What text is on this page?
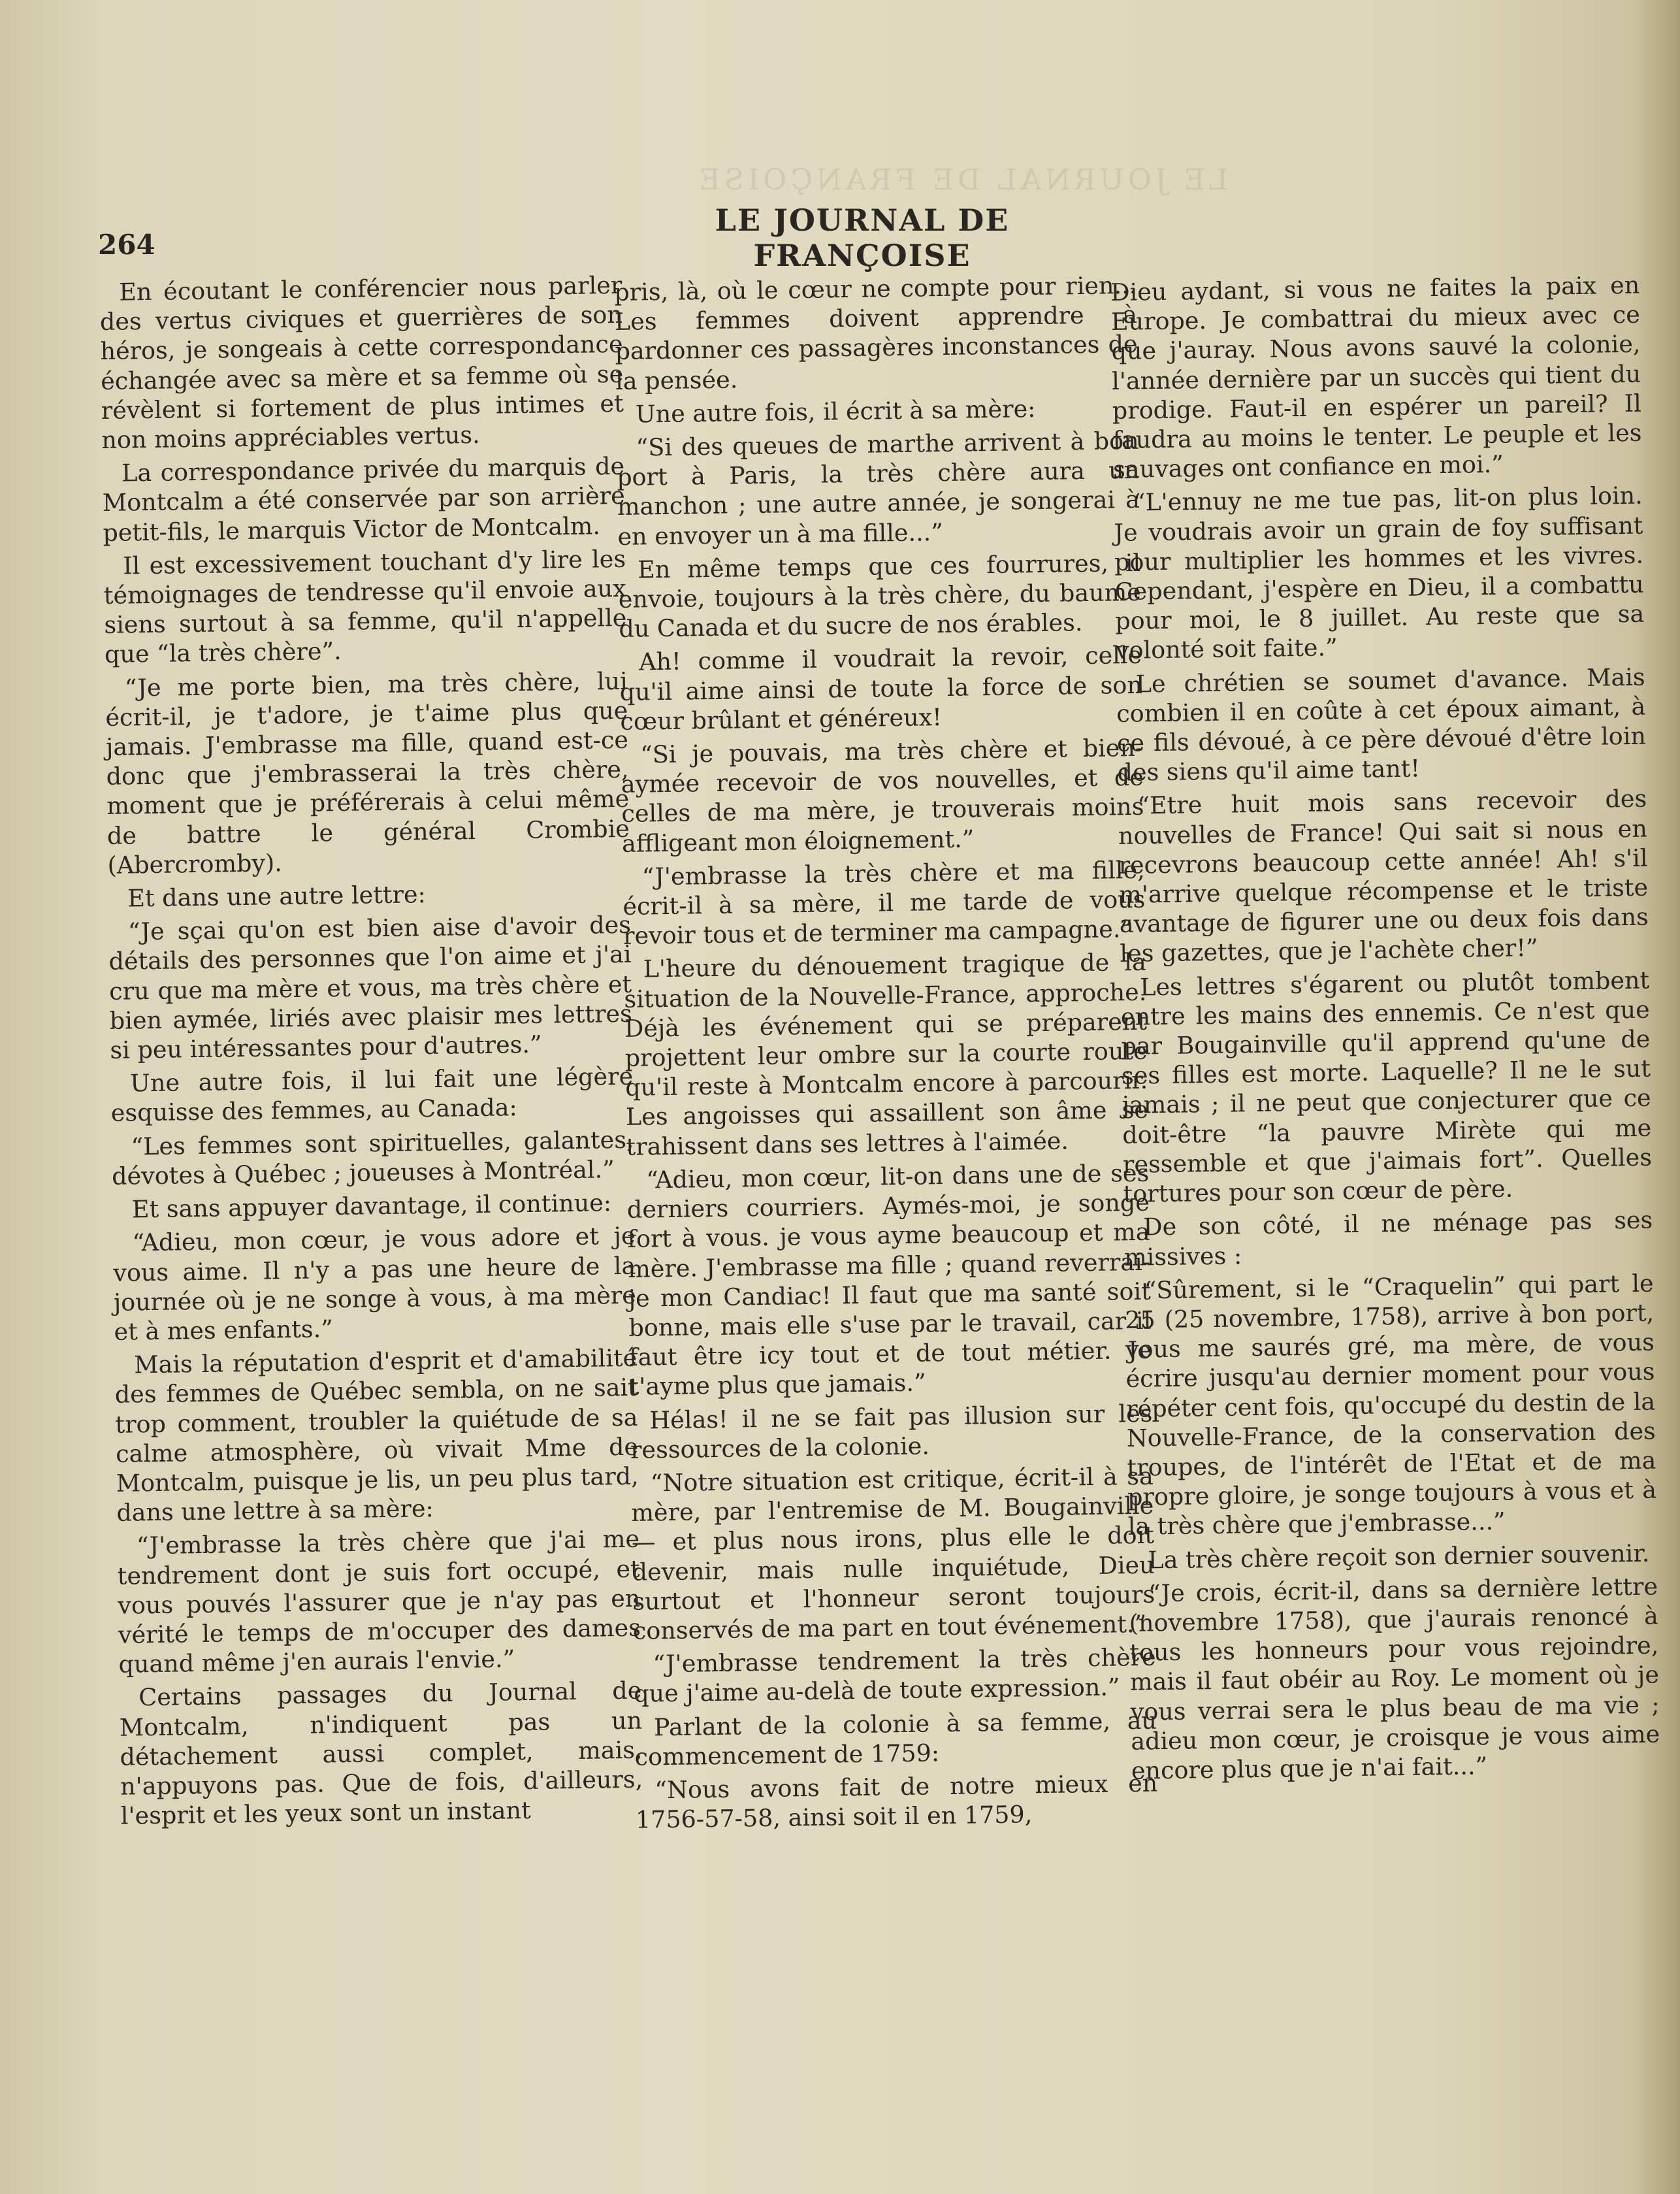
LE JOURNAL DE FRANÇOISE
264
LE JOURNAL DE FRANÇOISE

En écoutant le conférencier nous parler des vertus civiques et guerrières de son héros, je songeais à cette correspondance échangée avec sa mère et sa femme où se révèlent si fortement de plus intimes et non moins appréciables vertus.

La correspondance privée du marquis de Montcalm a été conservée par son arrière petit-fils, le marquis Victor de Montcalm.

Il est excessivement touchant d'y lire les témoignages de tendresse qu'il envoie aux siens surtout à sa femme, qu'il n'appelle que “la très chère”.

“Je me porte bien, ma très chère, lui écrit-il, je t'adore, je t'aime plus que jamais. J'embrasse ma fille, quand est-ce donc que j'embrasserai la très chère, moment que je préférerais à celui même de battre le général Crombie (Abercromby).

Et dans une autre lettre:

“Je sçai qu'on est bien aise d'avoir des détails des personnes que l'on aime et j'ai cru que ma mère et vous, ma très chère et bien aymée, liriés avec plaisir mes lettres si peu intéressantes pour d'autres.”

Une autre fois, il lui fait une légère esquisse des femmes, au Canada:

“Les femmes sont spirituelles, galantes, dévotes à Québec ; joueuses à Montréal.”

Et sans appuyer davantage, il continue:

“Adieu, mon cœur, je vous adore et je vous aime. Il n'y a pas une heure de la journée où je ne songe à vous, à ma mère et à mes enfants.”

Mais la réputation d'esprit et d'amabilité des femmes de Québec sembla, on ne sait trop comment, troubler la quiétude de sa calme atmosphère, où vivait Mme de Montcalm, puisque je lis, un peu plus tard, dans une lettre à sa mère:

“J'embrasse la très chère que j'ai me tendrement dont je suis fort occupé, et vous pouvés l'assurer que je n'ay pas en vérité le temps de m'occuper des dames quand même j'en aurais l'envie.”

Certains passages du Journal de Montcalm, n'indiquent pas un détachement aussi complet, mais, n'appuyons pas. Que de fois, d'ailleurs, l'esprit et les yeux sont un instant

pris, là, où le cœur ne compte pour rien... Les femmes doivent apprendre à pardonner ces passagères inconstances de la pensée.

Une autre fois, il écrit à sa mère:

“Si des queues de marthe arrivent à bon port à Paris, la très chère aura un manchon ; une autre année, je songerai à en envoyer un à ma fille...”

En même temps que ces fourrures, il envoie, toujours à la très chère, du baume du Canada et du sucre de nos érables.

Ah! comme il voudrait la revoir, celle qu'il aime ainsi de toute la force de son cœur brûlant et généreux!

“Si je pouvais, ma très chère et bien-aymée recevoir de vos nouvelles, et de celles de ma mère, je trouverais moins affligeant mon éloignement.”

“J'embrasse la très chère et ma fille, écrit-il à sa mère, il me tarde de vous revoir tous et de terminer ma campagne.”

L'heure du dénouement tragique de la situation de la Nouvelle-France, approche. Déjà les événement qui se préparent projettent leur ombre sur la courte route qu'il reste à Montcalm encore à parcourir. Les angoisses qui assaillent son âme se trahissent dans ses lettres à l'aimée.

“Adieu, mon cœur, lit-on dans une de ses derniers courriers. Aymés-moi, je songe fort à vous. je vous ayme beaucoup et ma mère. J'embrasse ma fille ; quand reverrai-je mon Candiac! Il faut que ma santé soit bonne, mais elle s'use par le travail, car il faut être icy tout et de tout métier. Je t'ayme plus que jamais.”

Hélas! il ne se fait pas illusion sur les ressources de la colonie.

“Notre situation est critique, écrit-il à sa mère, par l'entremise de M. Bougainville — et plus nous irons, plus elle le doit devenir, mais nulle inquiétude, Dieu surtout et l'honneur seront toujours conservés de ma part en tout événement.”

“J'embrasse tendrement la très chère que j'aime au-delà de toute expression.”

Parlant de la colonie à sa femme, au commencement de 1759:

“Nous avons fait de notre mieux en 1756-57-58, ainsi soit il en 1759,

Dieu aydant, si vous ne faites la paix en Europe. Je combattrai du mieux avec ce que j'auray. Nous avons sauvé la colonie, l'année dernière par un succès qui tient du prodige. Faut-il en espérer un pareil? Il faudra au moins le tenter. Le peuple et les sauvages ont confiance en moi.”

“L'ennuy ne me tue pas, lit-on plus loin. Je voudrais avoir un grain de foy suffisant pour multiplier les hommes et les vivres. Cependant, j'espère en Dieu, il a combattu pour moi, le 8 juillet. Au reste que sa volonté soit faite.”

Le chrétien se soumet d'avance. Mais combien il en coûte à cet époux aimant, à ce fils dévoué, à ce père dévoué d'être loin des siens qu'il aime tant!

“Etre huit mois sans recevoir des nouvelles de France! Qui sait si nous en recevrons beaucoup cette année! Ah! s'il m'arrive quelque récompense et le triste avantage de figurer une ou deux fois dans les gazettes, que je l'achète cher!”

Les lettres s'égarent ou plutôt tombent entre les mains des ennemis. Ce n'est que par Bougainville qu'il apprend qu'une de ses filles est morte. Laquelle? Il ne le sut jamais ; il ne peut que conjecturer que ce doit-être “la pauvre Mirète qui me ressemble et que j'aimais fort”. Quelles tortures pour son cœur de père.

De son côté, il ne ménage pas ses missives :

“Sûrement, si le “Craquelin” qui part le 25 (25 novembre, 1758), arrive à bon port, vous me saurés gré, ma mère, de vous écrire jusqu'au dernier moment pour vous répéter cent fois, qu'occupé du destin de la Nouvelle-France, de la conservation des troupes, de l'intérêt de l'Etat et de ma propre gloire, je songe toujours à vous et à la très chère que j'embrasse...”

La très chère reçoit son dernier souvenir.

“Je crois, écrit-il, dans sa dernière lettre (novembre 1758), que j'aurais renoncé à tous les honneurs pour vous rejoindre, mais il faut obéir au Roy. Le moment où je vous verrai sera le plus beau de ma vie ; adieu mon cœur, je croisque je vous aime encore plus que je n'ai fait...”
